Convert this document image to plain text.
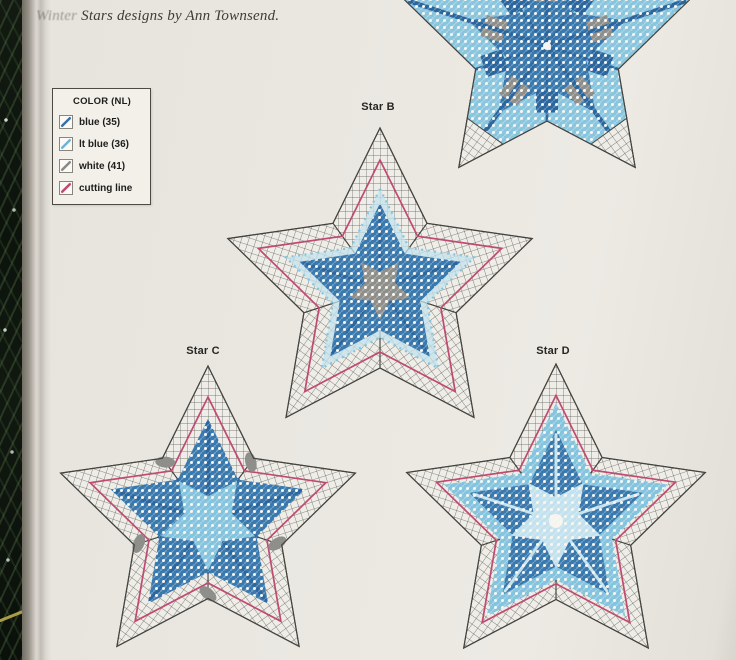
Winter Stars designs by Ann Townsend.
COLOR (NL)
blue (35)
lt blue (36)
white (41)
cutting line
Star B
Star C	Star D
